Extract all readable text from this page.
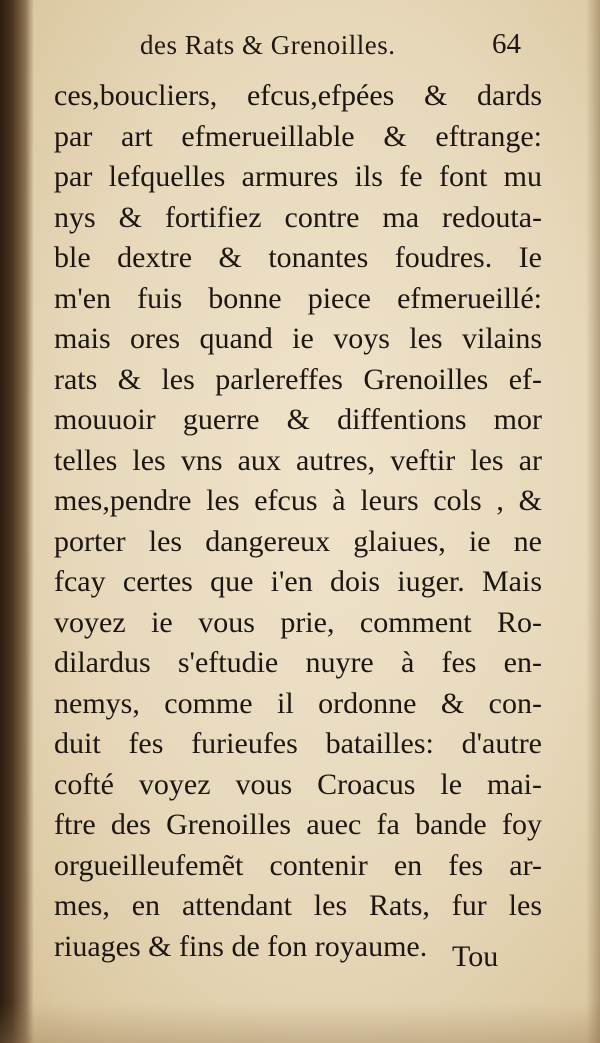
des Rats & Grenoilles.	64
ces,boucliers, efcus,efpées & dards
par art efmerueillable & eftrange:
par lefquelles armures ils fe font mu
nys & fortifiez contre ma redouta-
ble dextre & tonantes foudres. Ie
m'en fuis bonne piece efmerueillé:
mais ores quand ie voys les vilains
rats & les parlereffes Grenoilles ef-
mouuoir guerre & diffentions mor
telles les vns aux autres, veftir les ar
mes,pendre les efcus à leurs cols , &
porter les dangereux glaiues, ie ne
fcay certes que i'en dois iuger. Mais
voyez ie vous prie, comment Ro-
dilardus s'eftudie nuyre à fes en-
nemys, comme il ordonne & con-
duit fes furieufes batailles: d'autre
cofté voyez vous Croacus le mai-
ftre des Grenoilles auec fa bande foy
orgueilleufemẽt contenir en fes ar-
mes, en attendant les Rats, fur les
riuages & fins de fon royaume. Tou
